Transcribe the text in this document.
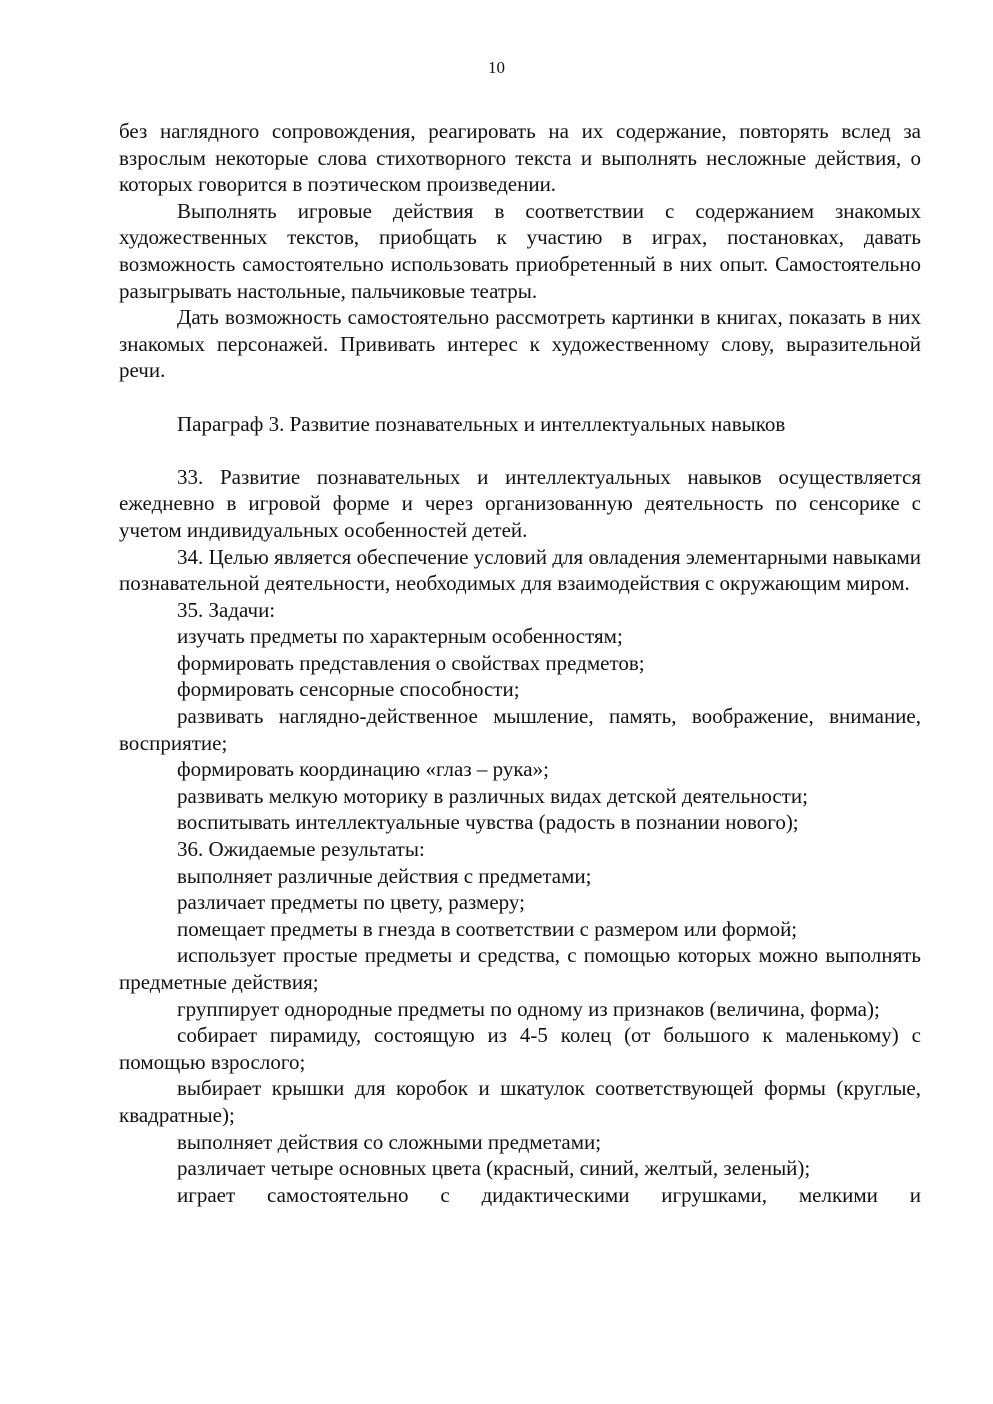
10

без наглядного сопровождения, реагировать на их содержание, повторять вслед за взрослым некоторые слова стихотворного текста и выполнять несложные действия, о которых говорится в поэтическом произведении.

Выполнять игровые действия в соответствии с содержанием знакомых художественных текстов, приобщать к участию в играх, постановках, давать возможность самостоятельно использовать приобретенный в них опыт. Самостоятельно разыгрывать настольные, пальчиковые театры.

Дать возможность самостоятельно рассмотреть картинки в книгах, показать в них знакомых персонажей. Прививать интерес к художественному слову, выразительной речи.

Параграф 3. Развитие познавательных и интеллектуальных навыков

33. Развитие познавательных и интеллектуальных навыков осуществляется ежедневно в игровой форме и через организованную деятельность по сенсорике с учетом индивидуальных особенностей детей.

34. Целью является обеспечение условий для овладения элементарными навыками познавательной деятельности, необходимых для взаимодействия с окружающим миром.

35. Задачи:

изучать предметы по характерным особенностям;

формировать представления о свойствах предметов;

формировать сенсорные способности;

развивать наглядно-действенное мышление, память, воображение, внимание, восприятие;

формировать координацию «глаз – рука»;

развивать мелкую моторику в различных видах детской деятельности;

воспитывать интеллектуальные чувства (радость в познании нового);

36. Ожидаемые результаты:

выполняет различные действия с предметами;

различает предметы по цвету, размеру;

помещает предметы в гнезда в соответствии с размером или формой;

использует простые предметы и средства, с помощью которых можно выполнять предметные действия;

группирует однородные предметы по одному из признаков (величина, форма);

собирает пирамиду, состоящую из 4-5 колец (от большого к маленькому) с помощью взрослого;

выбирает крышки для коробок и шкатулок соответствующей формы (круглые, квадратные);

выполняет действия со сложными предметами;

различает четыре основных цвета (красный, синий, желтый, зеленый);

играет самостоятельно с дидактическими игрушками, мелкими и
